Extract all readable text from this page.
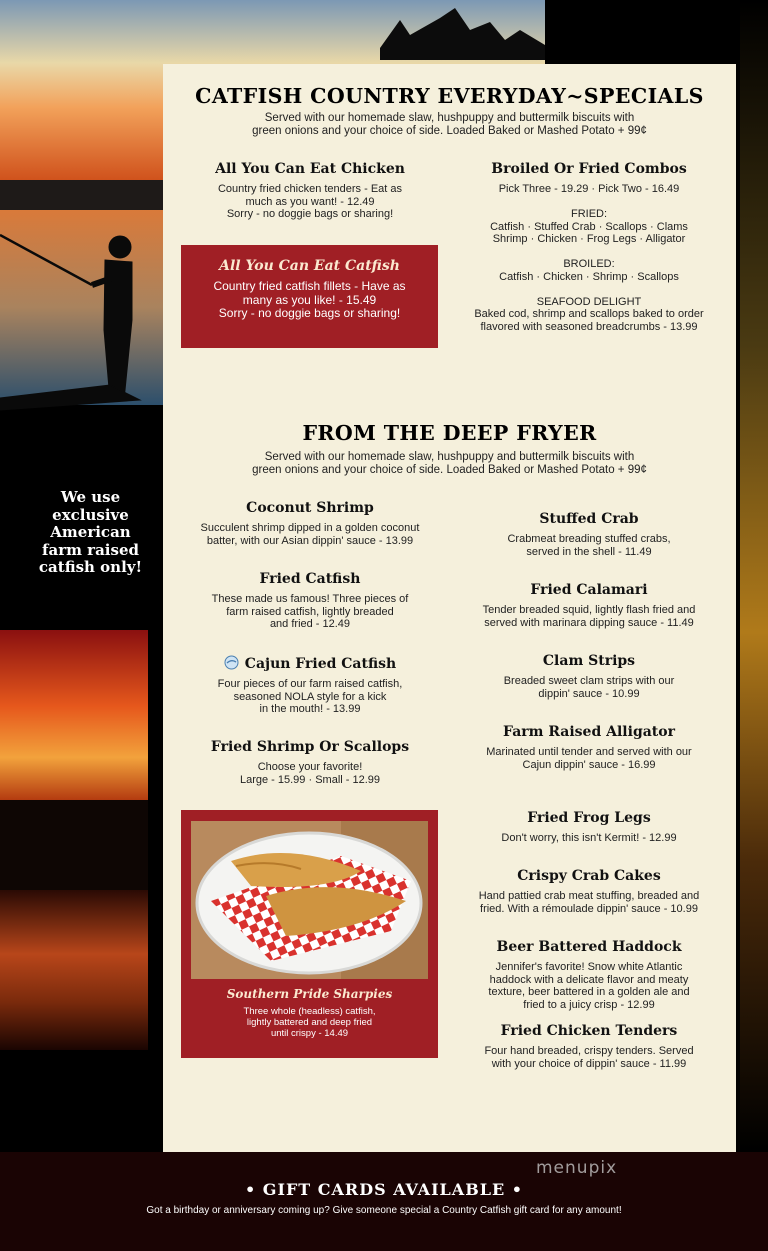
CATFISH COUNTRY EVERYDAY~SPECIALS
Served with our homemade slaw, hushpuppy and buttermilk biscuits with
green onions and your choice of side. Loaded Baked or Mashed Potato + 99¢
All You Can Eat Chicken
Country fried chicken tenders - Eat as
much as you want! - 12.49
Sorry - no doggie bags or sharing!
All You Can Eat Catfish
Country fried catfish fillets - Have as
many as you like! - 15.49
Sorry - no doggie bags or sharing!
Broiled Or Fried Combos
Pick Three - 19.29 · Pick Two - 16.49

FRIED:
Catfish · Stuffed Crab · Scallops · Clams
Shrimp · Chicken · Frog Legs · Alligator

BROILED:
Catfish · Chicken · Shrimp · Scallops

SEAFOOD DELIGHT
Baked cod, shrimp and scallops baked to order
flavored with seasoned breadcrumbs - 13.99
FROM THE DEEP FRYER
Served with our homemade slaw, hushpuppy and buttermilk biscuits with
green onions and your choice of side. Loaded Baked or Mashed Potato + 99¢
Coconut Shrimp
Succulent shrimp dipped in a golden coconut
batter, with our Asian dippin' sauce - 13.99
Fried Catfish
These made us famous! Three pieces of
farm raised catfish, lightly breaded
and fried - 12.49
Cajun Fried Catfish
Four pieces of our farm raised catfish,
seasoned NOLA style for a kick
in the mouth! - 13.99
Fried Shrimp Or Scallops
Choose your favorite!
Large - 15.99 · Small - 12.99
Southern Pride Sharpies
Three whole (headless) catfish,
lightly battered and deep fried
until crispy - 14.49
Stuffed Crab
Crabmeat breading stuffed crabs,
served in the shell - 11.49
Fried Calamari
Tender breaded squid, lightly flash fried and
served with marinara dipping sauce - 11.49
Clam Strips
Breaded sweet clam strips with our
dippin' sauce - 10.99
Farm Raised Alligator
Marinated until tender and served with our
Cajun dippin' sauce - 16.99
Fried Frog Legs
Don't worry, this isn't Kermit! - 12.99
Crispy Crab Cakes
Hand pattied crab meat stuffing, breaded and
fried. With a rémoulade dippin' sauce - 10.99
Beer Battered Haddock
Jennifer's favorite! Snow white Atlantic
haddock with a delicate flavor and meaty
texture, beer battered in a golden ale and
fried to a juicy crisp - 12.99
Fried Chicken Tenders
Four hand breaded, crispy tenders. Served
with your choice of dippin' sauce - 11.99
We use
exclusive
American
farm raised
catfish only!
menupix
• GIFT CARDS AVAILABLE •
Got a birthday or anniversary coming up? Give someone special a Country Catfish gift card for any amount!
